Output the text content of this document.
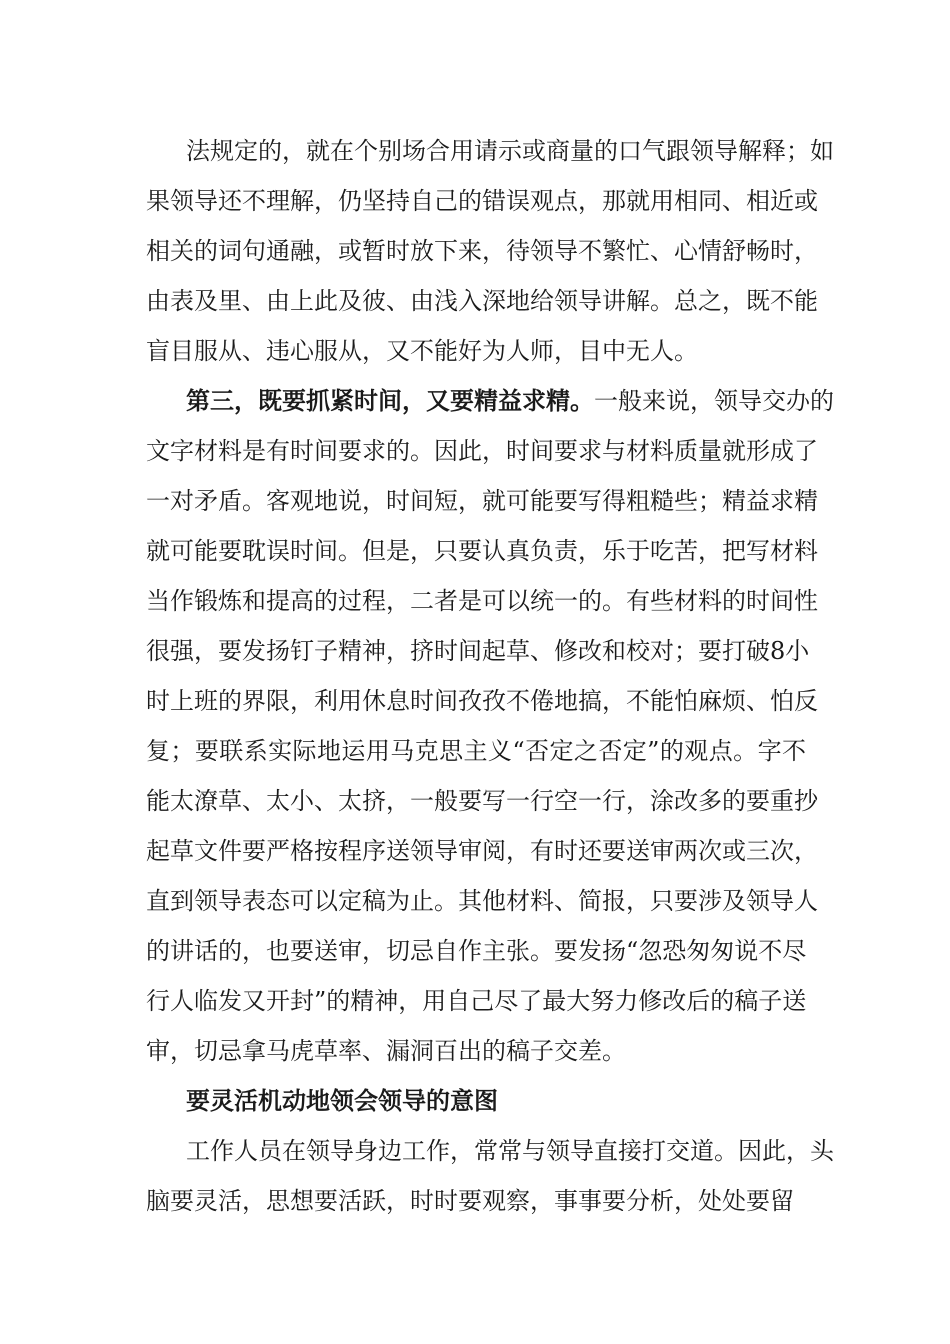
法规定的，就在个别场合用请示或商量的口气跟领导解释；如
果领导还不理解，仍坚持自己的错误观点，那就用相同、相近或
相关的词句通融，或暂时放下来，待领导不繁忙、心情舒畅时，
由表及里、由上此及彼、由浅入深地给领导讲解。总之，既不能
盲目服从、违心服从，又不能好为人师，目中无人。
第三，既要抓紧时间，又要精益求精。一般来说，领导交办的
文字材料是有时间要求的。因此，时间要求与材料质量就形成了
一对矛盾。客观地说，时间短，就可能要写得粗糙些；精益求精
就可能要耽误时间。但是，只要认真负责，乐于吃苦，把写材料
当作锻炼和提高的过程，二者是可以统一的。有些材料的时间性
很强，要发扬钉子精神，挤时间起草、修改和校对；要打破8小
时上班的界限，利用休息时间孜孜不倦地搞，不能怕麻烦、怕反
复；要联系实际地运用马克思主义“否定之否定”的观点。字不
能太潦草、太小、太挤，一般要写一行空一行，涂改多的要重抄
起草文件要严格按程序送领导审阅，有时还要送审两次或三次，
直到领导表态可以定稿为止。其他材料、简报，只要涉及领导人
的讲话的，也要送审，切忌自作主张。要发扬“忽恐匆匆说不尽
行人临发又开封”的精神，用自己尽了最大努力修改后的稿子送
审，切忌拿马虎草率、漏洞百出的稿子交差。
要灵活机动地领会领导的意图
工作人员在领导身边工作，常常与领导直接打交道。因此，头
脑要灵活，思想要活跃，时时要观察，事事要分析，处处要留
